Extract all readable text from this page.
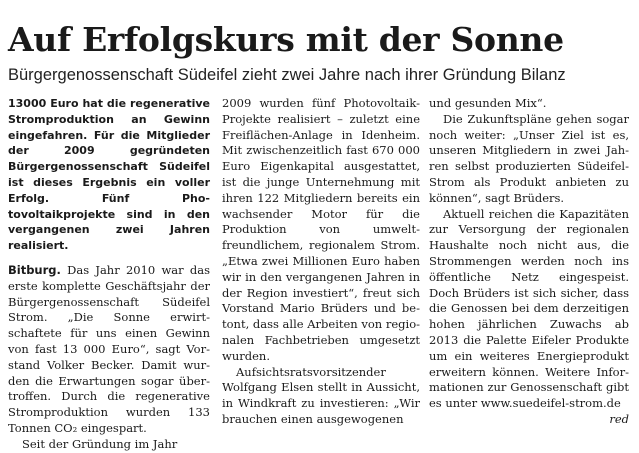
Auf Erfolgskurs mit der Sonne
Bürgergenossenschaft Südeifel zieht zwei Jahre nach ihrer Gründung Bilanz

13000 Euro hat die regenerative Stromproduktion an Gewinn eingefahren. Für die Mitglieder der 2009 gegründeten Bürgergenossenschaft Südeifel ist dieses Ergebnis ein voller Erfolg. Fünf Photovoltaikprojekte sind in den vergangenen zwei Jahren realisiert.

Bitburg. Das Jahr 2010 war das erste komplette Geschäftsjahr der Bürgergenossenschaft Südeifel Strom. „Die Sonne erwirtschaftete für uns einen Gewinn von fast 13 000 Euro“, sagt Vorstand Volker Becker. Damit wurden die Erwartungen sogar übertroffen. Durch die regenerative Stromproduktion wurden 133 Tonnen CO₂ eingespart.

Seit der Gründung im Jahr

2009 wurden fünf Photovoltaik-Projekte realisiert – zuletzt eine Freiflächen-Anlage in Idenheim. Mit zwischenzeitlich fast 670 000 Euro Eigenkapital ausgestattet, ist die junge Unternehmung mit ihren 122 Mitgliedern bereits ein wachsender Motor für die Produktion von umweltfreundlichem, regionalem Strom. „Etwa zwei Millionen Euro haben wir in den vergangenen Jahren in der Region investiert“, freut sich Vorstand Mario Brüders und betont, dass alle Arbeiten von regionalen Fachbetrieben umgesetzt wurden.

Aufsichtsratsvorsitzender Wolfgang Elsen stellt in Aussicht, in Windkraft zu investieren: „Wir brauchen einen ausgewogenen

und gesunden Mix“.

Die Zukunftspläne gehen sogar noch weiter: „Unser Ziel ist es, unseren Mitgliedern in zwei Jahren selbst produzierten Südeifel-Strom als Produkt anbieten zu können“, sagt Brüders.

Aktuell reichen die Kapazitäten zur Versorgung der regionalen Haushalte noch nicht aus, die Strommengen werden noch ins öffentliche Netz eingespeist. Doch Brüders ist sich sicher, dass die Genossen bei dem derzeitigen hohen jährlichen Zuwachs ab 2013 die Palette Eifeler Produkte um ein weiteres Energieprodukt erweitern können. Weitere Informationen zur Genossenschaft gibt es unter www.suedeifel-strom.de
red
